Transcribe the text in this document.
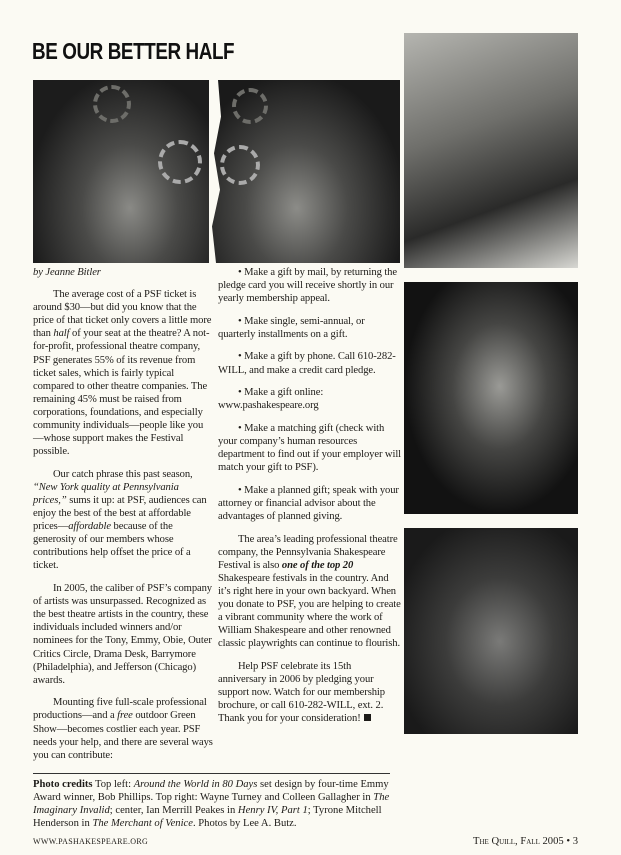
BE OUR BETTER HALF

by Jeanne Bitler

The average cost of a PSF ticket is around $30—but did you know that the price of that ticket only covers a little more than half of your seat at the theatre? A not-for-profit, professional theatre company, PSF generates 55% of its revenue from ticket sales, which is fairly typical compared to other theatre companies. The remaining 45% must be raised from corporations, foundations, and especially community individuals—people like you—whose support makes the Festival possible.

Our catch phrase this past season, “New York quality at Pennsylvania prices,” sums it up: at PSF, audiences can enjoy the best of the best at affordable prices—affordable because of the generosity of our members whose contributions help offset the price of a ticket.

In 2005, the caliber of PSF’s company of artists was unsurpassed. Recognized as the best theatre artists in the country, these individuals included winners and/or nominees for the Tony, Emmy, Obie, Outer Critics Circle, Drama Desk, Barrymore (Philadelphia), and Jefferson (Chicago) awards.

Mounting five full-scale professional productions—and a free outdoor Green Show—becomes costlier each year. PSF needs your help, and there are several ways you can contribute:

• Make a gift by mail, by returning the pledge card you will receive shortly in our yearly membership appeal.

• Make single, semi-annual, or quarterly installments on a gift.

• Make a gift by phone. Call 610-282-WILL, and make a credit card pledge.

• Make a gift online: www.pashakespeare.org

• Make a matching gift (check with your company’s human resources department to find out if your employer will match your gift to PSF).

• Make a planned gift; speak with your attorney or financial advisor about the advantages of planned giving.

The area’s leading professional theatre company, the Pennsylvania Shakespeare Festival is also one of the top 20 Shakespeare festivals in the country. And it’s right here in your own backyard. When you donate to PSF, you are helping to create a vibrant community where the work of William Shakespeare and other renowned classic playwrights can continue to flourish.

Help PSF celebrate its 15th anniversary in 2006 by pledging your support now. Watch for our membership brochure, or call 610-282-WILL, ext. 2. Thank you for your consideration!

Photo credits Top left: Around the World in 80 Days set design by four-time Emmy Award winner, Bob Phillips. Top right: Wayne Turney and Colleen Gallagher in The Imaginary Invalid; center, Ian Merrill Peakes in Henry IV, Part 1; Tyrone Mitchell Henderson in The Merchant of Venice. Photos by Lee A. Butz.
WWW.PASHAKESPEARE.ORG	The Quill, Fall 2005 • 3
